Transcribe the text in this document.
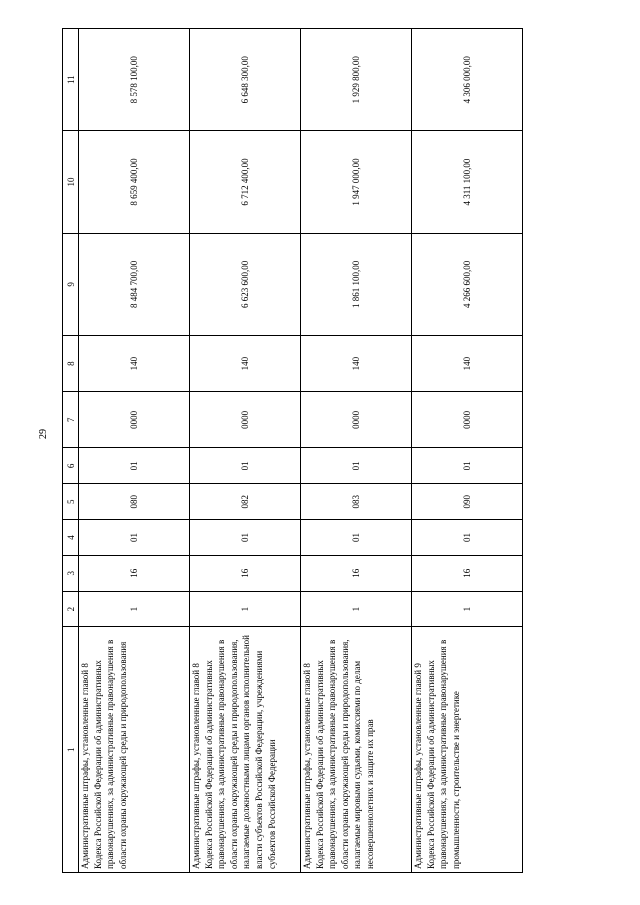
29
1	2	3	4	5	6	7	8	9	10	11
Административные штрафы, установленные главой 8 Кодекса Российской Федерации об административных правонарушениях, за административные правонарушения в области охраны окружающей среды и природопользования	1	16	01	080	01	0000	140	8 484 700,00	8 659 400,00	8 578 100,00
Административные штрафы, установленные главой 8 Кодекса Российской Федерации об административных правонарушениях, за административные правонарушения в области охраны окружающей среды и природопользования, налагаемые должностными лицами органов исполнительной власти субъектов Российской Федерации, учреждениями субъектов Российской Федерации	1	16	01	082	01	0000	140	6 623 600,00	6 712 400,00	6 648 300,00
Административные штрафы, установленные главой 8 Кодекса Российской Федерации об административных правонарушениях, за административные правонарушения в области охраны окружающей среды и природопользования, налагаемые мировыми судьями, комиссиями по делам несовершеннолетних и защите их прав	1	16	01	083	01	0000	140	1 861 100,00	1 947 000,00	1 929 800,00
Административные штрафы, установленные главой 9 Кодекса Российской Федерации об административных правонарушениях, за административные правонарушения в промышленности, строительстве и энергетике	1	16	01	090	01	0000	140	4 266 600,00	4 311 100,00	4 306 000,00
